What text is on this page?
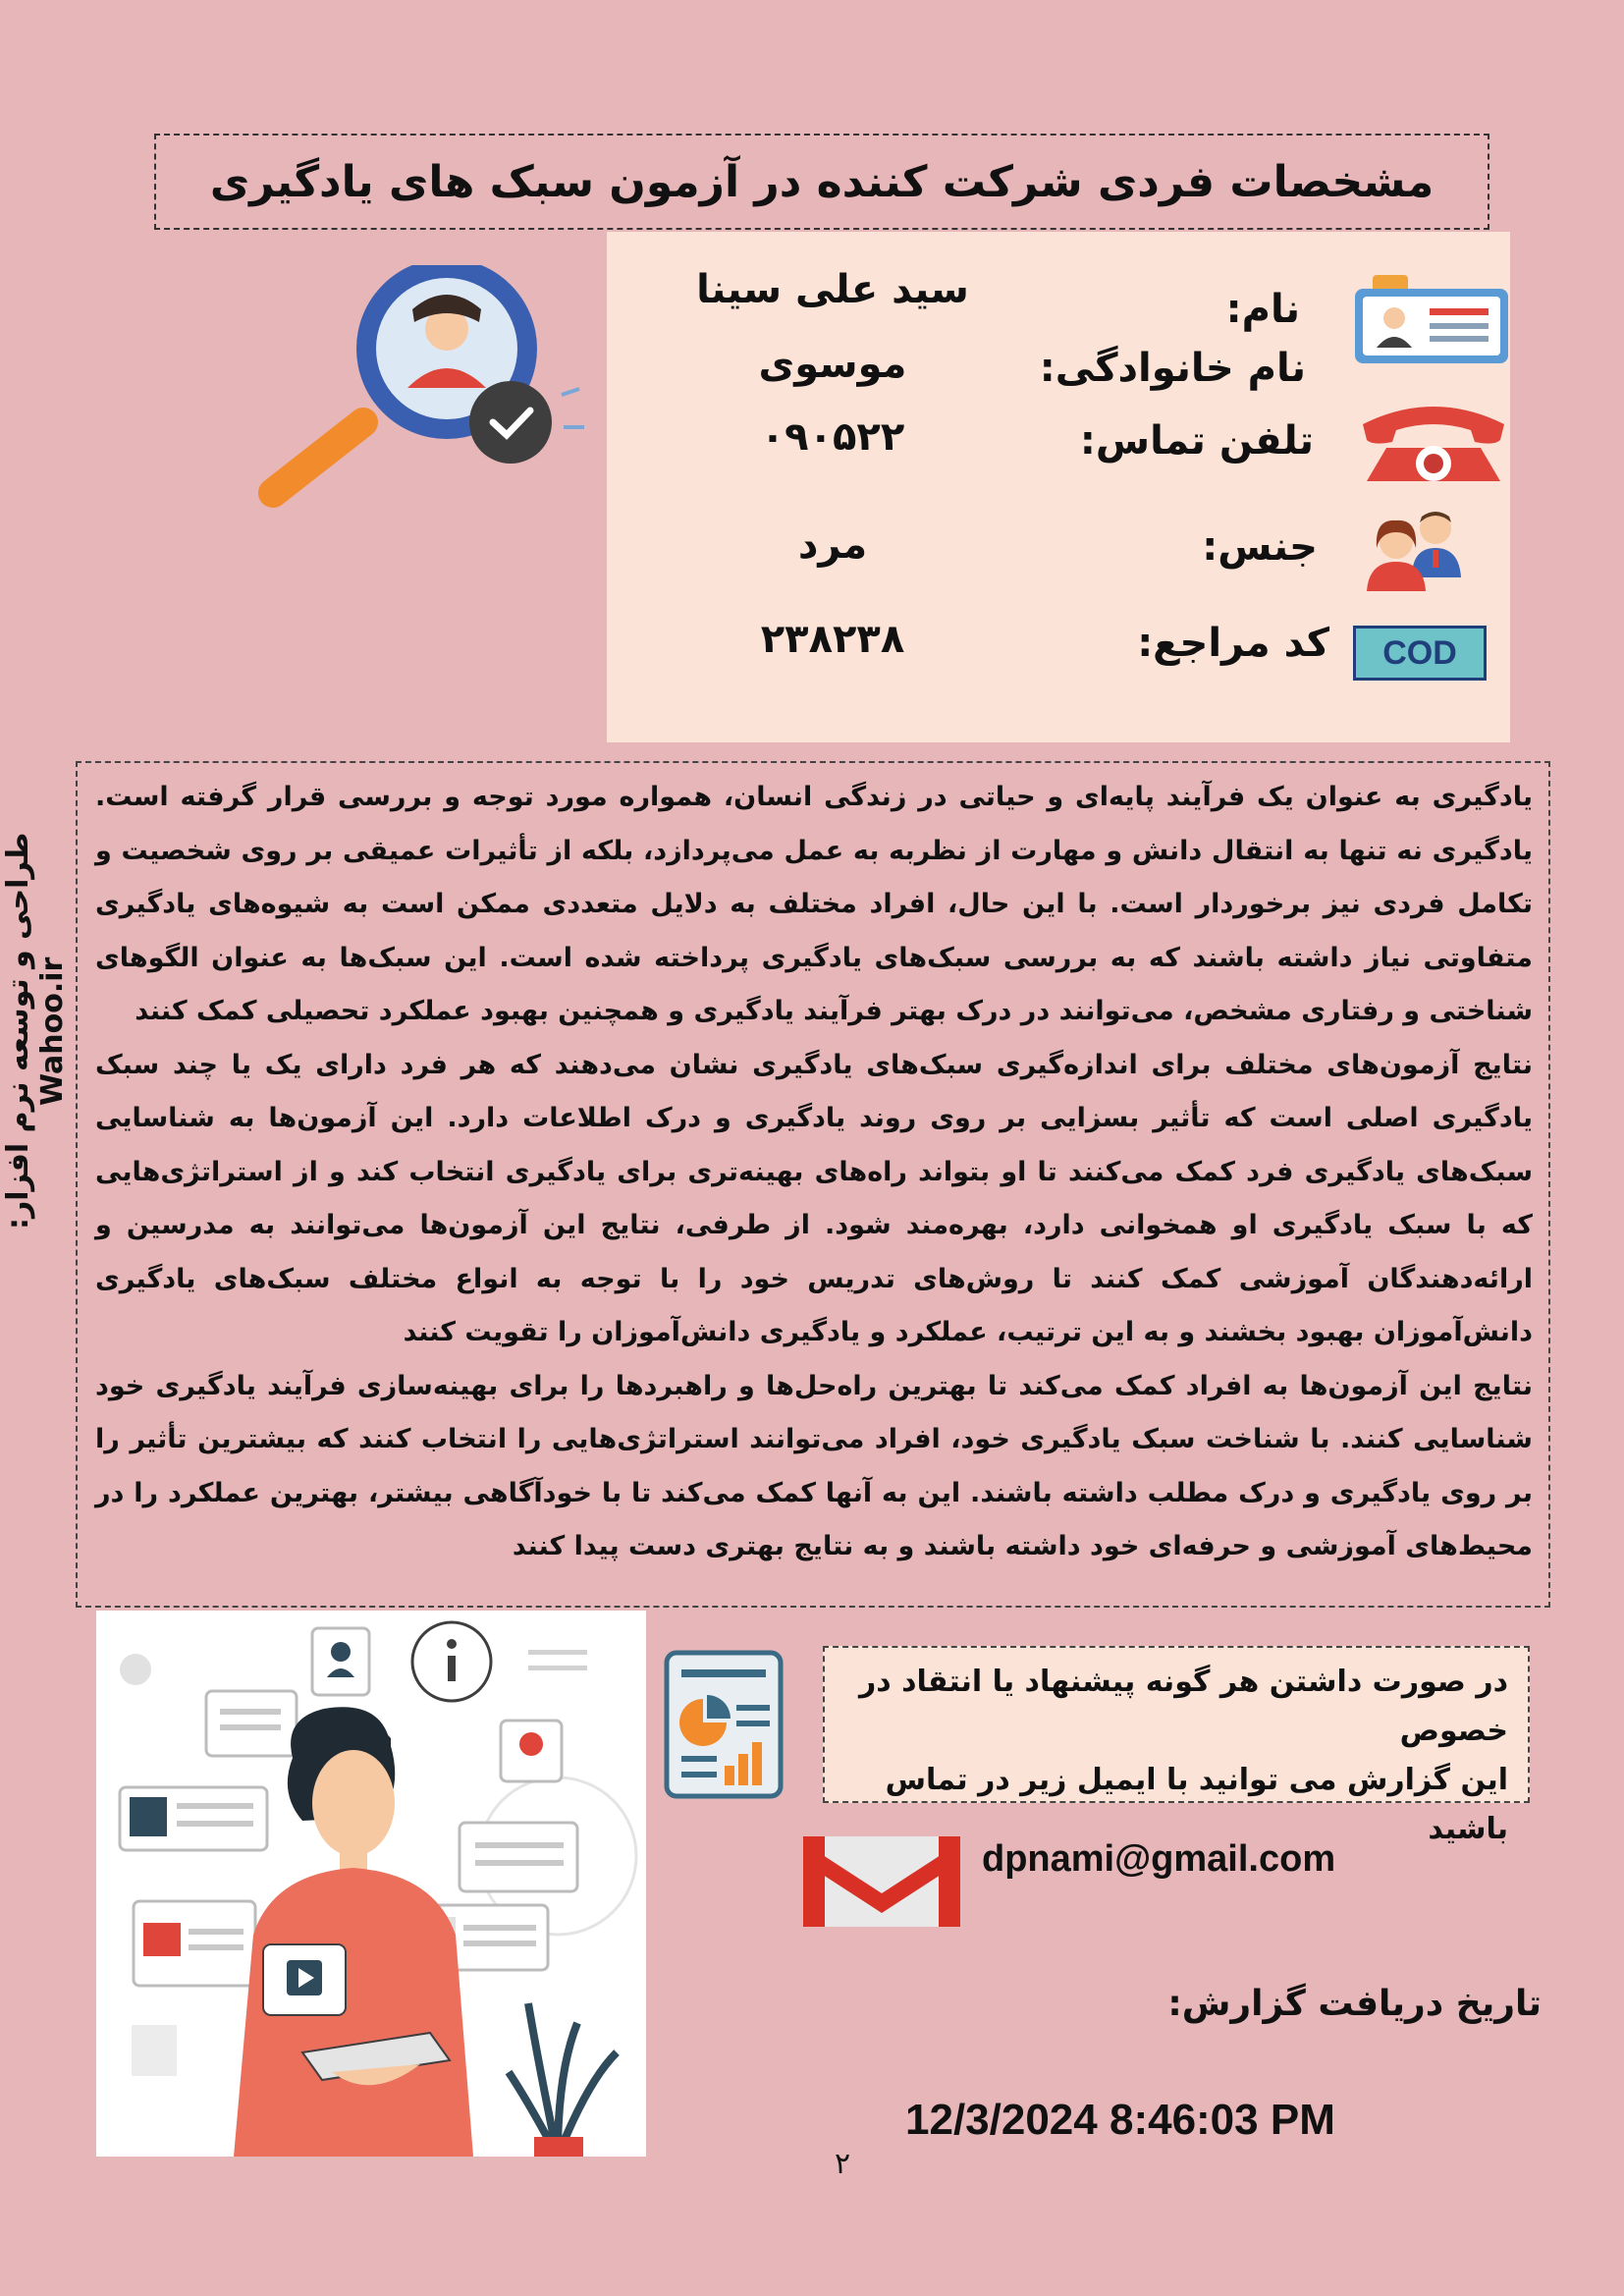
مشخصات فردی شرکت کننده در آزمون سبک های یادگیری
نام:
سید علی سینا
نام خانوادگی:
موسوی
تلفن تماس:
۰۹۰۵۲۲
جنس:
مرد
COD
کد مراجع:
۲۳۸۲۳۸
طراحی و توسعه نرم افزار: Wahoo.ir

یادگیری به عنوان یک فرآیند پایه‌ای و حیاتی در زندگی انسان، همواره مورد توجه و بررسی قرار گرفته است. یادگیری نه تنها به انتقال دانش و مهارت از نظربه به عمل می‌پردازد، بلکه از تأثیرات عمیقی بر روی شخصیت و تکامل فردی نیز برخوردار است. با این حال، افراد مختلف به دلایل متعددی ممکن است به شیوه‌های یادگیری متفاوتی نیاز داشته باشند که به بررسی سبک‌های یادگیری پرداخته شده است. این سبک‌ها به عنوان الگوهای شناختی و رفتاری مشخص، می‌توانند در درک بهتر فرآیند یادگیری و همچنین بهبود عملکرد تحصیلی کمک کنند

نتایج آزمون‌های مختلف برای اندازه‌گیری سبک‌های یادگیری نشان می‌دهند که هر فرد دارای یک یا چند سبک یادگیری اصلی است که تأثیر بسزایی بر روی روند یادگیری و درک اطلاعات دارد. این آزمون‌ها به شناسایی سبک‌های یادگیری فرد کمک می‌کنند تا او بتواند راه‌های بهینه‌تری برای یادگیری انتخاب کند و از استراتژی‌هایی که با سبک یادگیری او همخوانی دارد، بهره‌مند شود. از طرفی، نتایج این آزمون‌ها می‌توانند به مدرسین و ارائه‌دهندگان آموزشی کمک کنند تا روش‌های تدریس خود را با توجه به انواع مختلف سبک‌های یادگیری دانش‌آموزان بهبود بخشند و به این ترتیب، عملکرد و یادگیری دانش‌آموزان را تقویت کنند

نتایج این آزمون‌ها به افراد کمک می‌کند تا بهترین راه‌حل‌ها و راهبردها را برای بهینه‌سازی فرآیند یادگیری خود شناسایی کنند. با شناخت سبک یادگیری خود، افراد می‌توانند استراتژی‌هایی را انتخاب کنند که بیشترین تأثیر را بر روی یادگیری و درک مطلب داشته باشند. این به آنها کمک می‌کند تا با خودآگاهی بیشتر، بهترین عملکرد را در محیط‌های آموزشی و حرفه‌ای خود داشته باشند و به نتایج بهتری دست پیدا کنند

در صورت داشتن هر گونه پیشنهاد یا انتقاد در خصوص
این گزارش می توانید با ایمیل زیر در تماس باشید
dpnami@gmail.com
تاریخ دریافت گزارش:
12/3/2024 8:46:03 PM
۲
